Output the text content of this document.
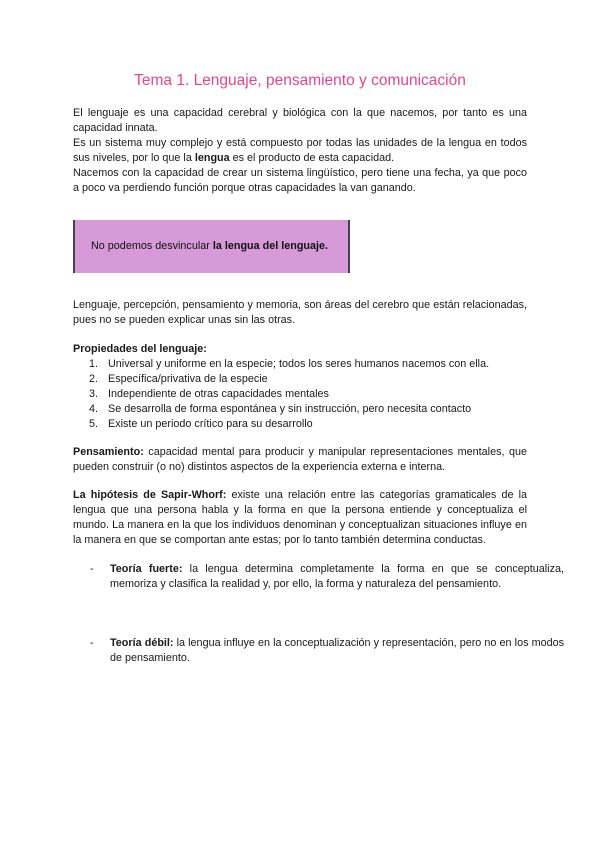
Tema 1. Lenguaje, pensamiento y comunicación

El lenguaje es una capacidad cerebral y biológica con la que nacemos, por tanto es una capacidad innata.

Es un sistema muy complejo y está compuesto por todas las unidades de la lengua en todos sus niveles, por lo que la lengua es el producto de esta capacidad.

Nacemos con la capacidad de crear un sistema lingüístico, pero tiene una fecha, ya que poco a poco va perdiendo función porque otras capacidades la van ganando.

No podemos desvincular la lengua del lenguaje.
Lenguaje, percepción, pensamiento y memoria, son áreas del cerebro que están relacionadas, pues no se pueden explicar unas sin las otras.

Propiedades del lenguaje:

1. Universal y uniforme en la especie; todos los seres humanos nacemos con ella.
2. Específica/privativa de la especie
3. Independiente de otras capacidades mentales
4. Se desarrolla de forma espontánea y sin instrucción, pero necesita contacto
5. Existe un periodo crítico para su desarrollo
Pensamiento: capacidad mental para producir y manipular representaciones mentales, que pueden construir (o no) distintos aspectos de la experiencia externa e interna.
La hipótesis de Sapir-Whorf: existe una relación entre las categorías gramaticales de la lengua que una persona habla y la forma en que la persona entiende y conceptualiza el mundo. La manera en la que los individuos denominan y conceptualizan situaciones influye en la manera en que se comportan ante estas; por lo tanto también determina conductas.
- Teoría fuerte: la lengua determina completamente la forma en que se conceptualiza, memoriza y clasifica la realidad y, por ello, la forma y naturaleza del pensamiento.
- Teoría débil: la lengua influye en la conceptualización y representación, pero no en los modos de pensamiento.
